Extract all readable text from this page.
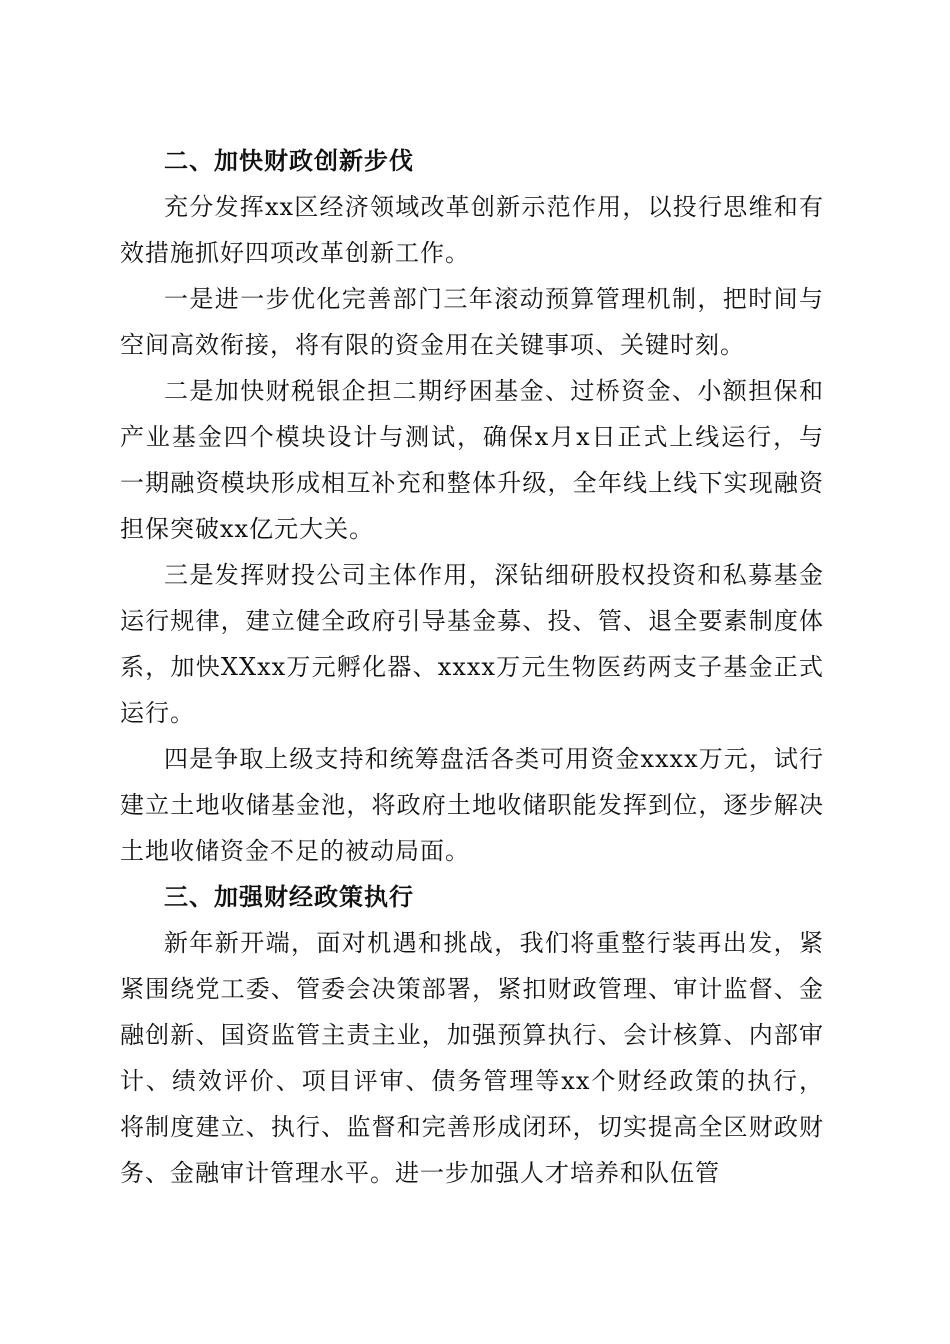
二、加快财政创新步伐

充分发挥xx区经济领域改革创新示范作用，以投行思维和有效措施抓好四项改革创新工作。

一是进一步优化完善部门三年滚动预算管理机制，把时间与空间高效衔接，将有限的资金用在关键事项、关键时刻。

二是加快财税银企担二期纾困基金、过桥资金、小额担保和产业基金四个模块设计与测试，确保x月x日正式上线运行，与一期融资模块形成相互补充和整体升级，全年线上线下实现融资担保突破xx亿元大关。

三是发挥财投公司主体作用，深钻细研股权投资和私募基金运行规律，建立健全政府引导基金募、投、管、退全要素制度体系，加快XXxx万元孵化器、xxxx万元生物医药两支子基金正式运行。

四是争取上级支持和统筹盘活各类可用资金xxxx万元，试行建立土地收储基金池，将政府土地收储职能发挥到位，逐步解决土地收储资金不足的被动局面。

三、加强财经政策执行

新年新开端，面对机遇和挑战，我们将重整行装再出发，紧紧围绕党工委、管委会决策部署，紧扣财政管理、审计监督、金融创新、国资监管主责主业，加强预算执行、会计核算、内部审计、绩效评价、项目评审、债务管理等xx个财经政策的执行，将制度建立、执行、监督和完善形成闭环，切实提高全区财政财务、金融审计管理水平。进一步加强人才培养和队伍管
